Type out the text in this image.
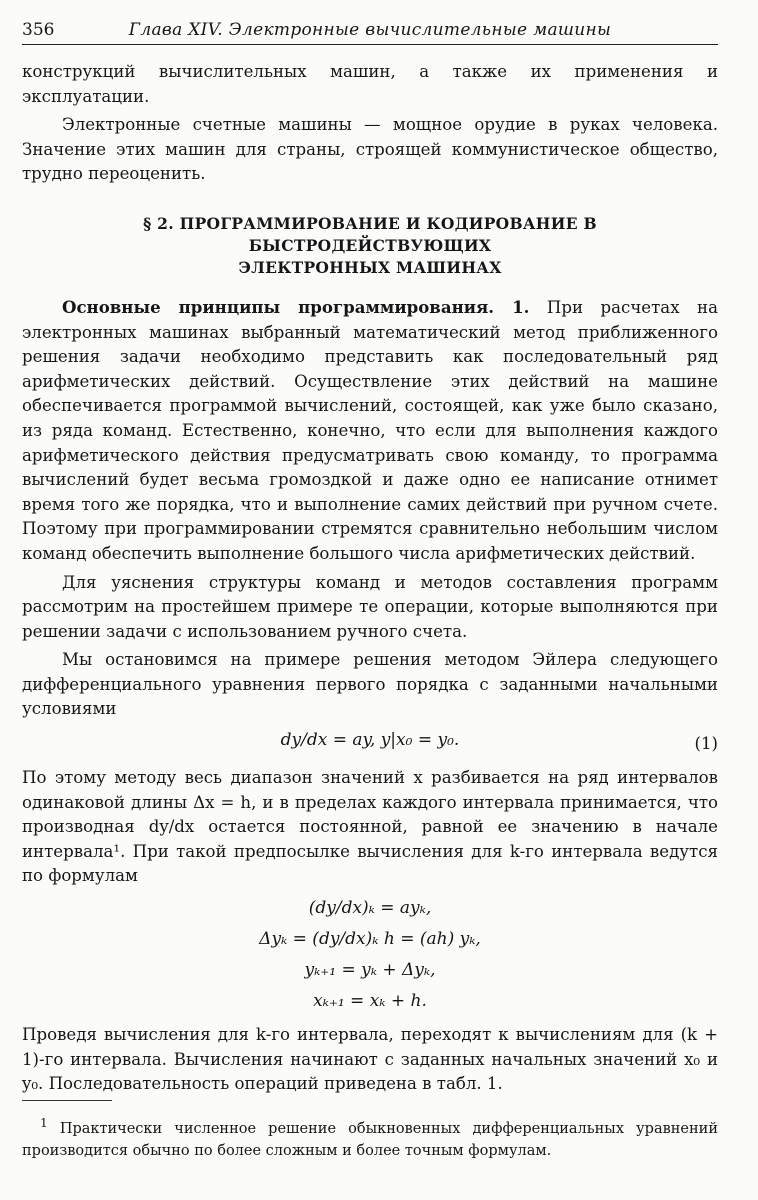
356	Глава XIV. Электронные вычислительные машины

конструкций вычислительных машин, а также их применения и эксплуатации.

Электронные счетные машины — мощное орудие в руках человека. Значение этих машин для страны, строящей коммунистическое общество, трудно переоценить.

§ 2. ПРОГРАММИРОВАНИЕ И КОДИРОВАНИЕ В БЫСТРОДЕЙСТВУЮЩИХ
ЭЛЕКТРОННЫХ МАШИНАХ

Основные принципы программирования. 1. При расчетах на электронных машинах выбранный математический метод приближенного решения задачи необходимо представить как последовательный ряд арифметических действий. Осуществление этих действий на машине обеспечивается программой вычислений, состоящей, как уже было сказано, из ряда команд. Естественно, конечно, что если для выполнения каждого арифметического действия предусматривать свою команду, то программа вычислений будет весьма громоздкой и даже одно ее написание отнимет время того же порядка, что и выполнение самих действий при ручном счете. Поэтому при программировании стремятся сравнительно небольшим числом команд обеспечить выполнение большого числа арифметических действий.

Для уяснения структуры команд и методов составления программ рассмотрим на простейшем примере те операции, которые выполняются при решении задачи с использованием ручного счета.

Мы остановимся на примере решения методом Эйлера следующего дифференциального уравнения первого порядка с заданными начальными условиями

dy/dx = ay, y|x₀ = y₀.	(1)

По этому методу весь диапазон значений x разбивается на ряд интервалов одинаковой длины Δx = h, и в пределах каждого интервала принимается, что производная dy/dx остается постоянной, равной ее значению в начале интервала¹. При такой предпосылке вычисления для k-го интервала ведутся по формулам

(dy/dx)ₖ = ayₖ,
Δyₖ = (dy/dx)ₖ h = (ah) yₖ,
yₖ₊₁ = yₖ + Δyₖ,
xₖ₊₁ = xₖ + h.

Проведя вычисления для k-го интервала, переходят к вычислениям для (k + 1)-го интервала. Вычисления начинают с заданных начальных значений x₀ и y₀. Последовательность операций приведена в табл. 1.

$^1$ Практически численное решение обыкновенных дифференциальных уравнений производится обычно по более сложным и более точным формулам.
